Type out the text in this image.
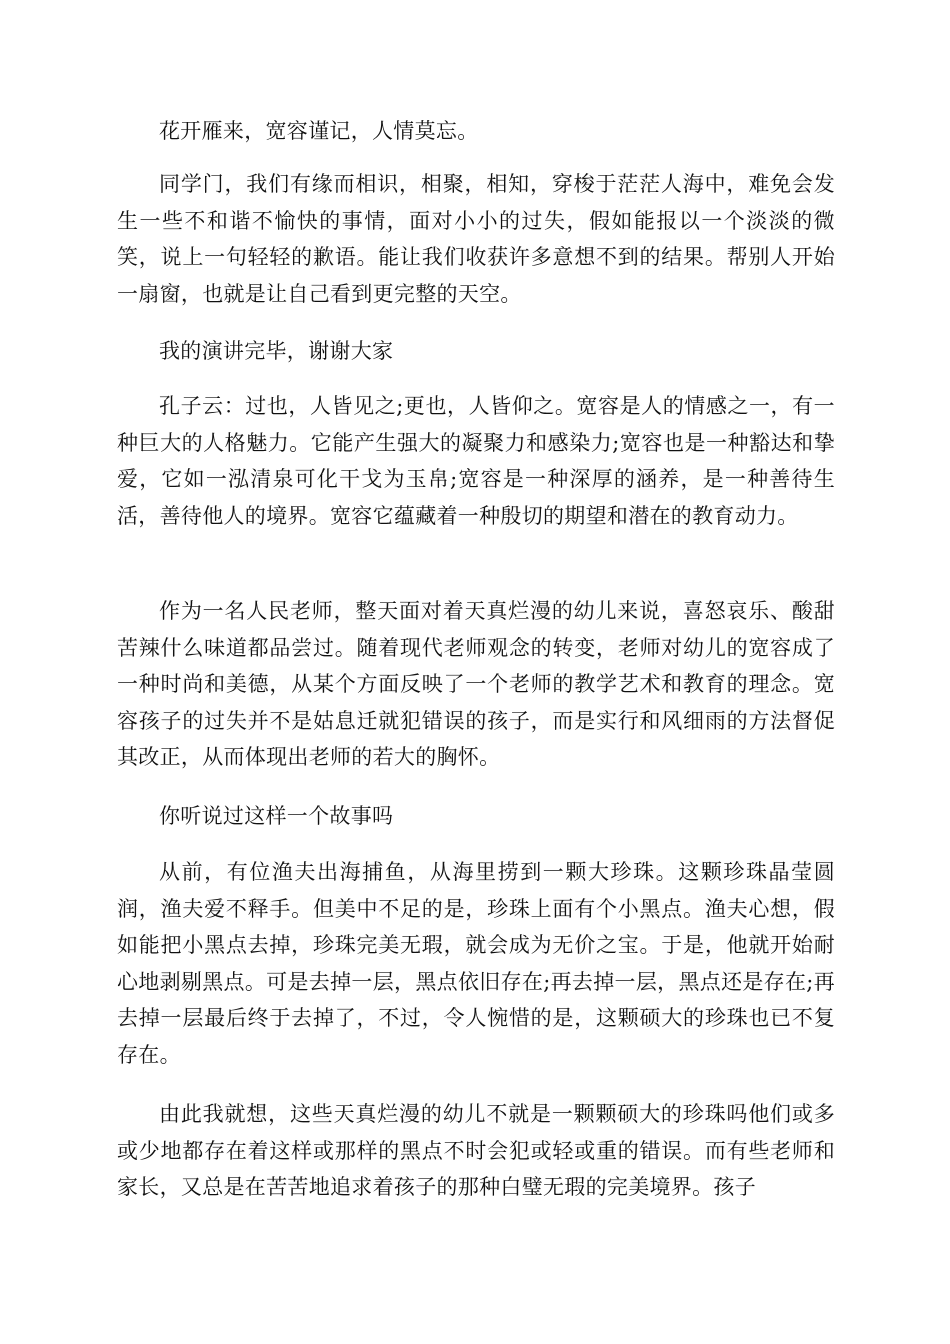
花开雁来，宽容谨记，人情莫忘。

同学门，我们有缘而相识，相聚，相知，穿梭于茫茫人海中，难免会发生一些不和谐不愉快的事情，面对小小的过失，假如能报以一个淡淡的微笑，说上一句轻轻的歉语。能让我们收获许多意想不到的结果。帮别人开始一扇窗，也就是让自己看到更完整的天空。

我的演讲完毕，谢谢大家

孔子云：过也，人皆见之;更也，人皆仰之。宽容是人的情感之一，有一种巨大的人格魅力。它能产生强大的凝聚力和感染力;宽容也是一种豁达和挚爱，它如一泓清泉可化干戈为玉帛;宽容是一种深厚的涵养，是一种善待生活，善待他人的境界。宽容它蕴藏着一种殷切的期望和潜在的教育动力。

作为一名人民老师，整天面对着天真烂漫的幼儿来说，喜怒哀乐、酸甜苦辣什么味道都品尝过。随着现代老师观念的转变，老师对幼儿的宽容成了一种时尚和美德，从某个方面反映了一个老师的教学艺术和教育的理念。宽容孩子的过失并不是姑息迁就犯错误的孩子，而是实行和风细雨的方法督促其改正，从而体现出老师的若大的胸怀。

你听说过这样一个故事吗

从前，有位渔夫出海捕鱼，从海里捞到一颗大珍珠。这颗珍珠晶莹圆润，渔夫爱不释手。但美中不足的是，珍珠上面有个小黑点。渔夫心想，假如能把小黑点去掉，珍珠完美无瑕，就会成为无价之宝。于是，他就开始耐心地剥剔黑点。可是去掉一层，黑点依旧存在;再去掉一层，黑点还是存在;再去掉一层最后终于去掉了，不过，令人惋惜的是，这颗硕大的珍珠也已不复存在。

由此我就想，这些天真烂漫的幼儿不就是一颗颗硕大的珍珠吗他们或多或少地都存在着这样或那样的黑点不时会犯或轻或重的错误。而有些老师和家长，又总是在苦苦地追求着孩子的那种白璧无瑕的完美境界。孩子
